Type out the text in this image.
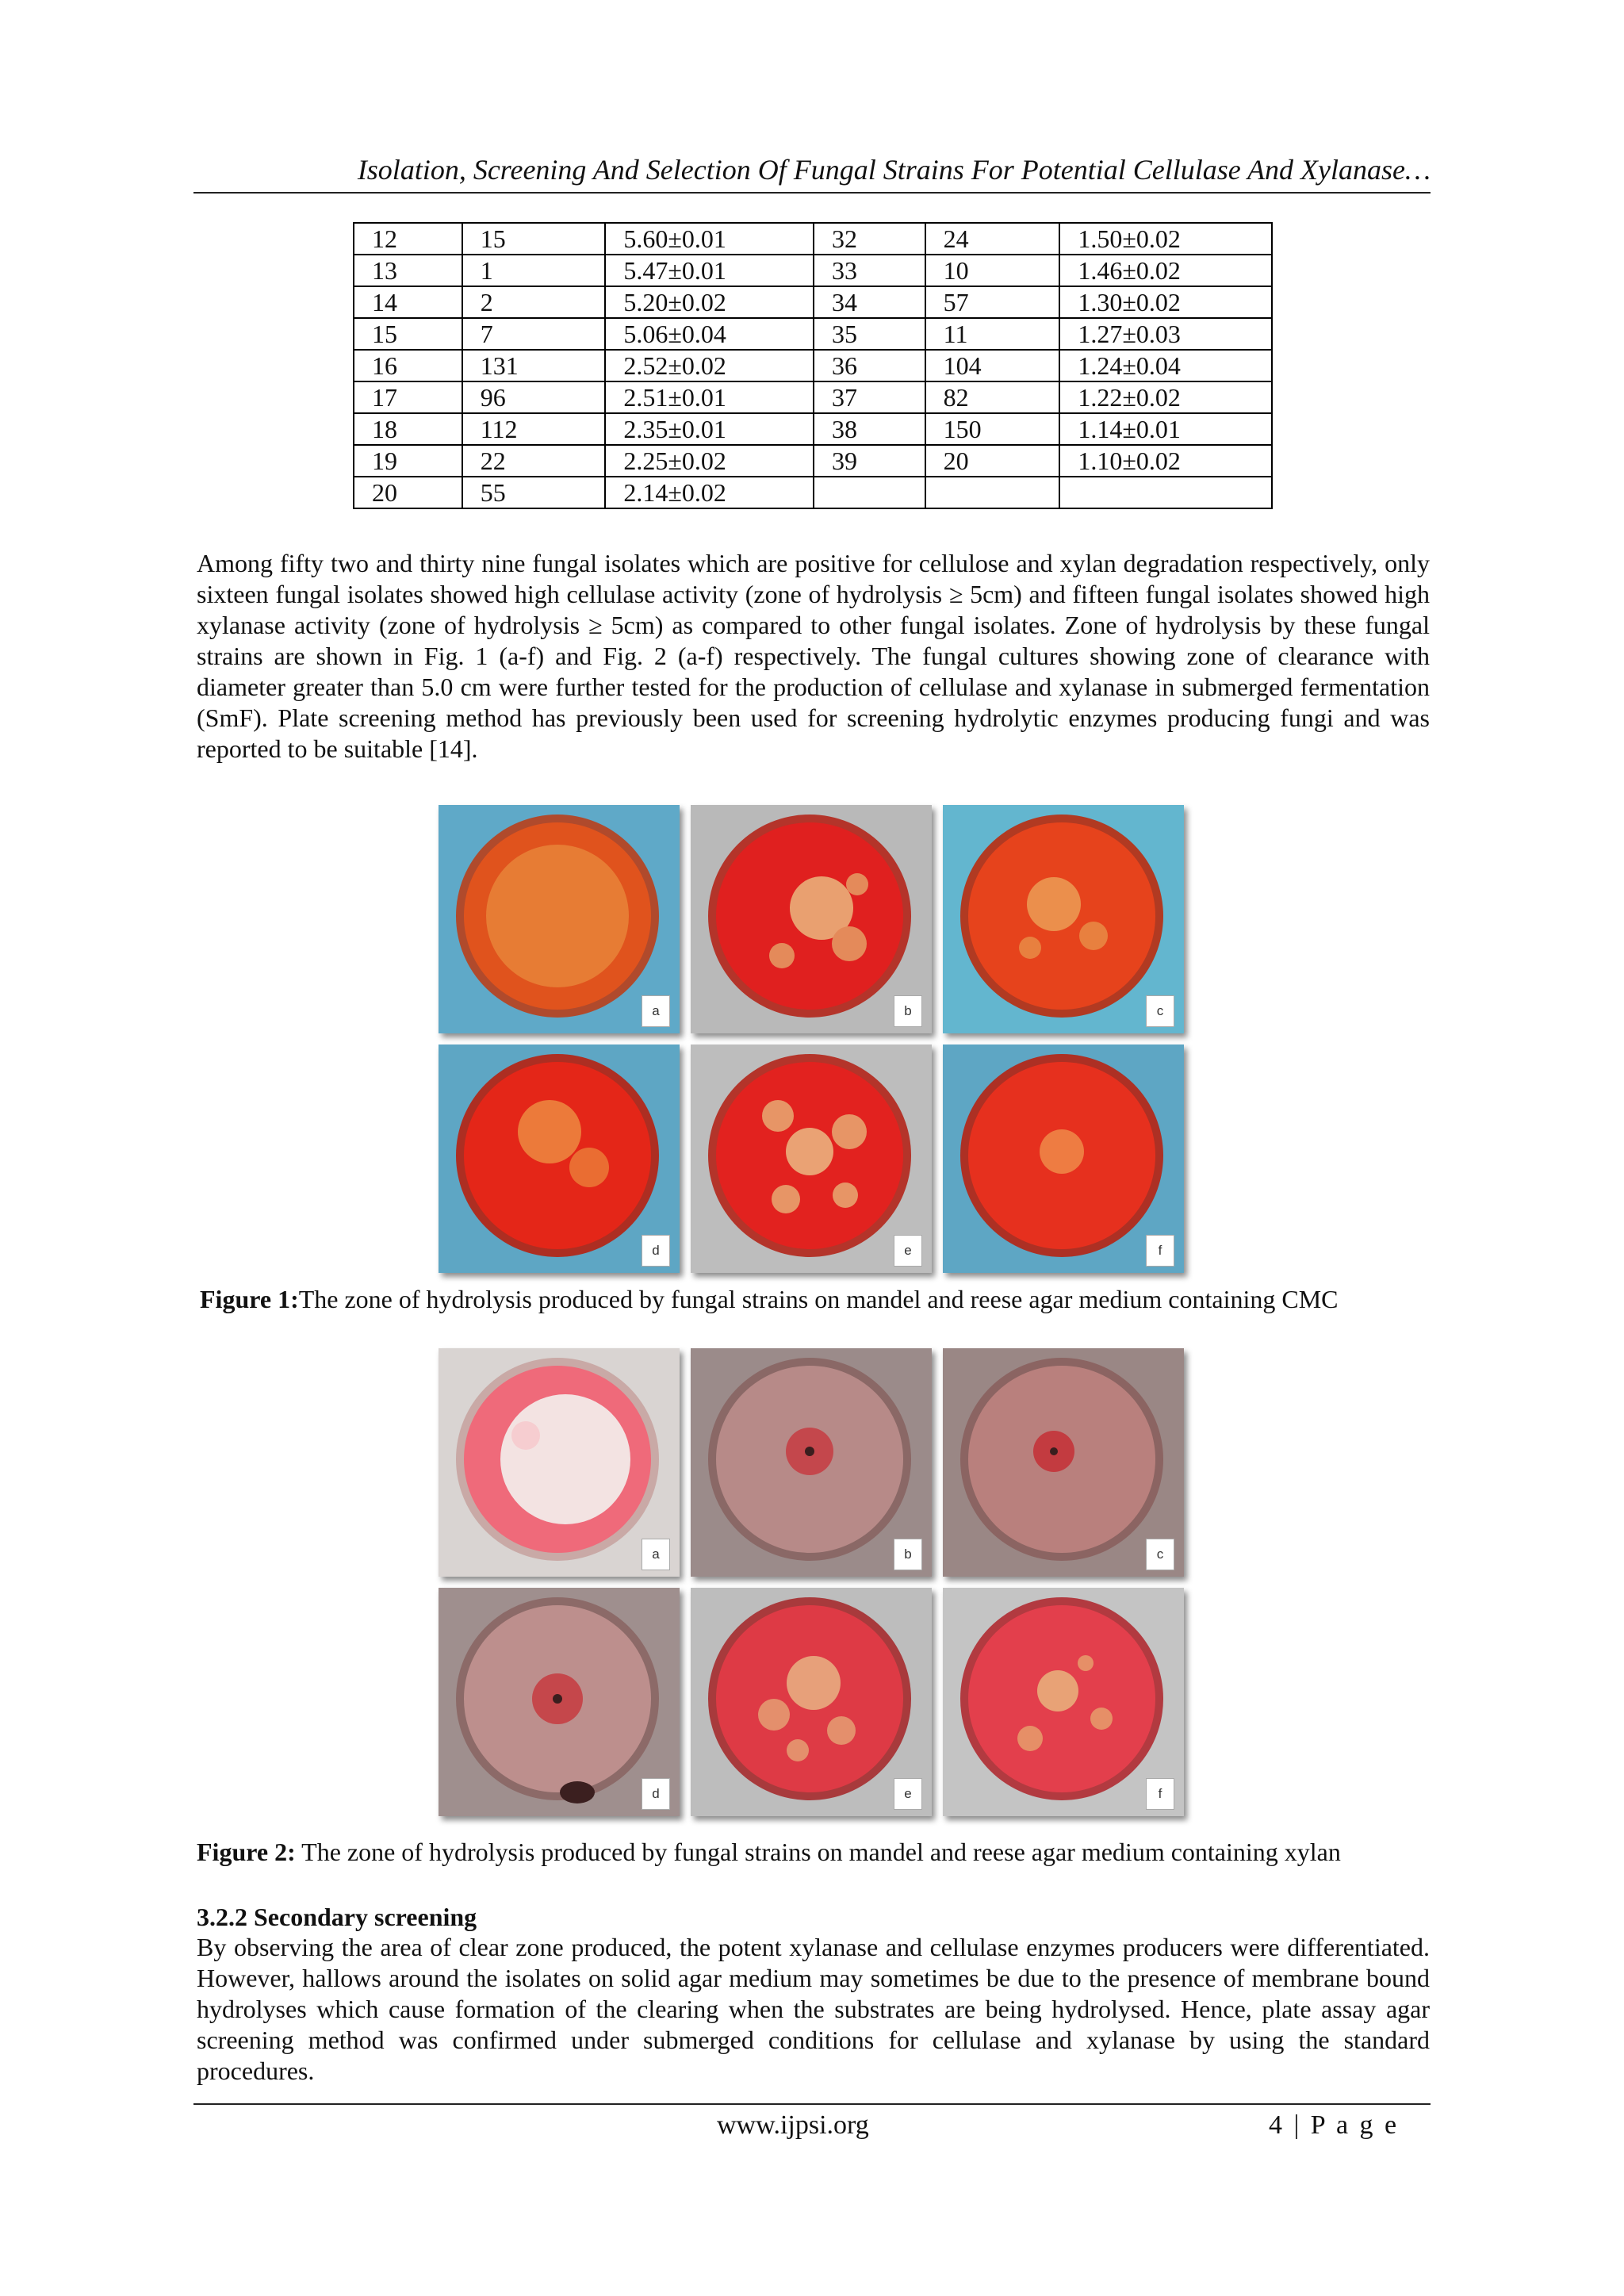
Isolation, Screening And Selection Of Fungal Strains For Potential Cellulase And Xylanase…
12	15	5.60±0.01	32	24	1.50±0.02
13	1	5.47±0.01	33	10	1.46±0.02
14	2	5.20±0.02	34	57	1.30±0.02
15	7	5.06±0.04	35	11	1.27±0.03
16	131	2.52±0.02	36	104	1.24±0.04
17	96	2.51±0.01	37	82	1.22±0.02
18	112	2.35±0.01	38	150	1.14±0.01
19	22	2.25±0.02	39	20	1.10±0.02
20	55	2.14±0.02			

Among fifty two and thirty nine fungal isolates which are positive for cellulose and xylan degradation respectively, only sixteen fungal isolates showed high cellulase activity (zone of hydrolysis ≥ 5cm) and fifteen fungal isolates showed high xylanase activity (zone of hydrolysis ≥ 5cm) as compared to other fungal isolates. Zone of hydrolysis by these fungal strains are shown in Fig. 1 (a-f) and Fig. 2 (a-f) respectively. The fungal cultures showing zone of clearance with diameter greater than 5.0 cm were further tested for the production of cellulase and xylanase in submerged fermentation (SmF). Plate screening method has previously been used for screening hydrolytic enzymes producing fungi and was reported to be suitable [14].

a	b	c
d	e	f

Figure 1:The zone of hydrolysis produced by fungal strains on mandel and reese agar medium containing CMC

a	b	c
d	e	f

Figure 2: The zone of hydrolysis produced by fungal strains on mandel and reese agar medium containing xylan

3.2.2 Secondary screening

By observing the area of clear zone produced, the potent xylanase and cellulase enzymes producers were differentiated. However, hallows around the isolates on solid agar medium may sometimes be due to the presence of membrane bound hydrolyses which cause formation of the clearing when the substrates are being hydrolysed. Hence, plate assay agar screening method was confirmed under submerged conditions for cellulase and xylanase by using the standard procedures.

www.ijpsi.org	4 | P a g e
